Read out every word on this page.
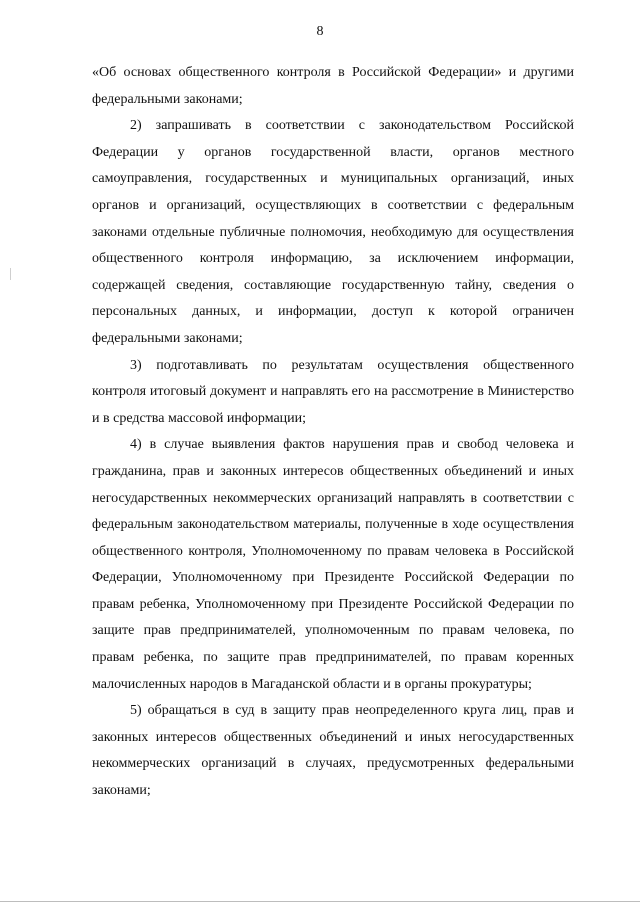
8

«Об основах общественного контроля в Российской Федерации» и другими федеральными законами;

2) запрашивать в соответствии с законодательством Российской Федерации у органов государственной власти, органов местного самоуправления, государственных и муниципальных организаций, иных органов и организаций, осуществляющих в соответствии с федеральным законами отдельные публичные полномочия, необходимую для осуществления общественного контроля информацию, за исключением информации, содержащей сведения, составляющие государственную тайну, сведения о персональных данных, и информации, доступ к которой ограничен федеральными законами;

3) подготавливать по результатам осуществления общественного контроля итоговый документ и направлять его на рассмотрение в Министерство и в средства массовой информации;

4) в случае выявления фактов нарушения прав и свобод человека и гражданина, прав и законных интересов общественных объединений и иных негосударственных некоммерческих организаций направлять в соответствии с федеральным законодательством материалы, полученные в ходе осуществления общественного контроля, Уполномоченному по правам человека в Российской Федерации, Уполномоченному при Президенте Российской Федерации по правам ребенка, Уполномоченному при Президенте Российской Федерации по защите прав предпринимателей, уполномоченным по правам человека, по правам ребенка, по защите прав предпринимателей, по правам коренных малочисленных народов в Магаданской области и в органы прокуратуры;

5) обращаться в суд в защиту прав неопределенного круга лиц, прав и законных интересов общественных объединений и иных негосударственных некоммерческих организаций в случаях, предусмотренных федеральными законами;
